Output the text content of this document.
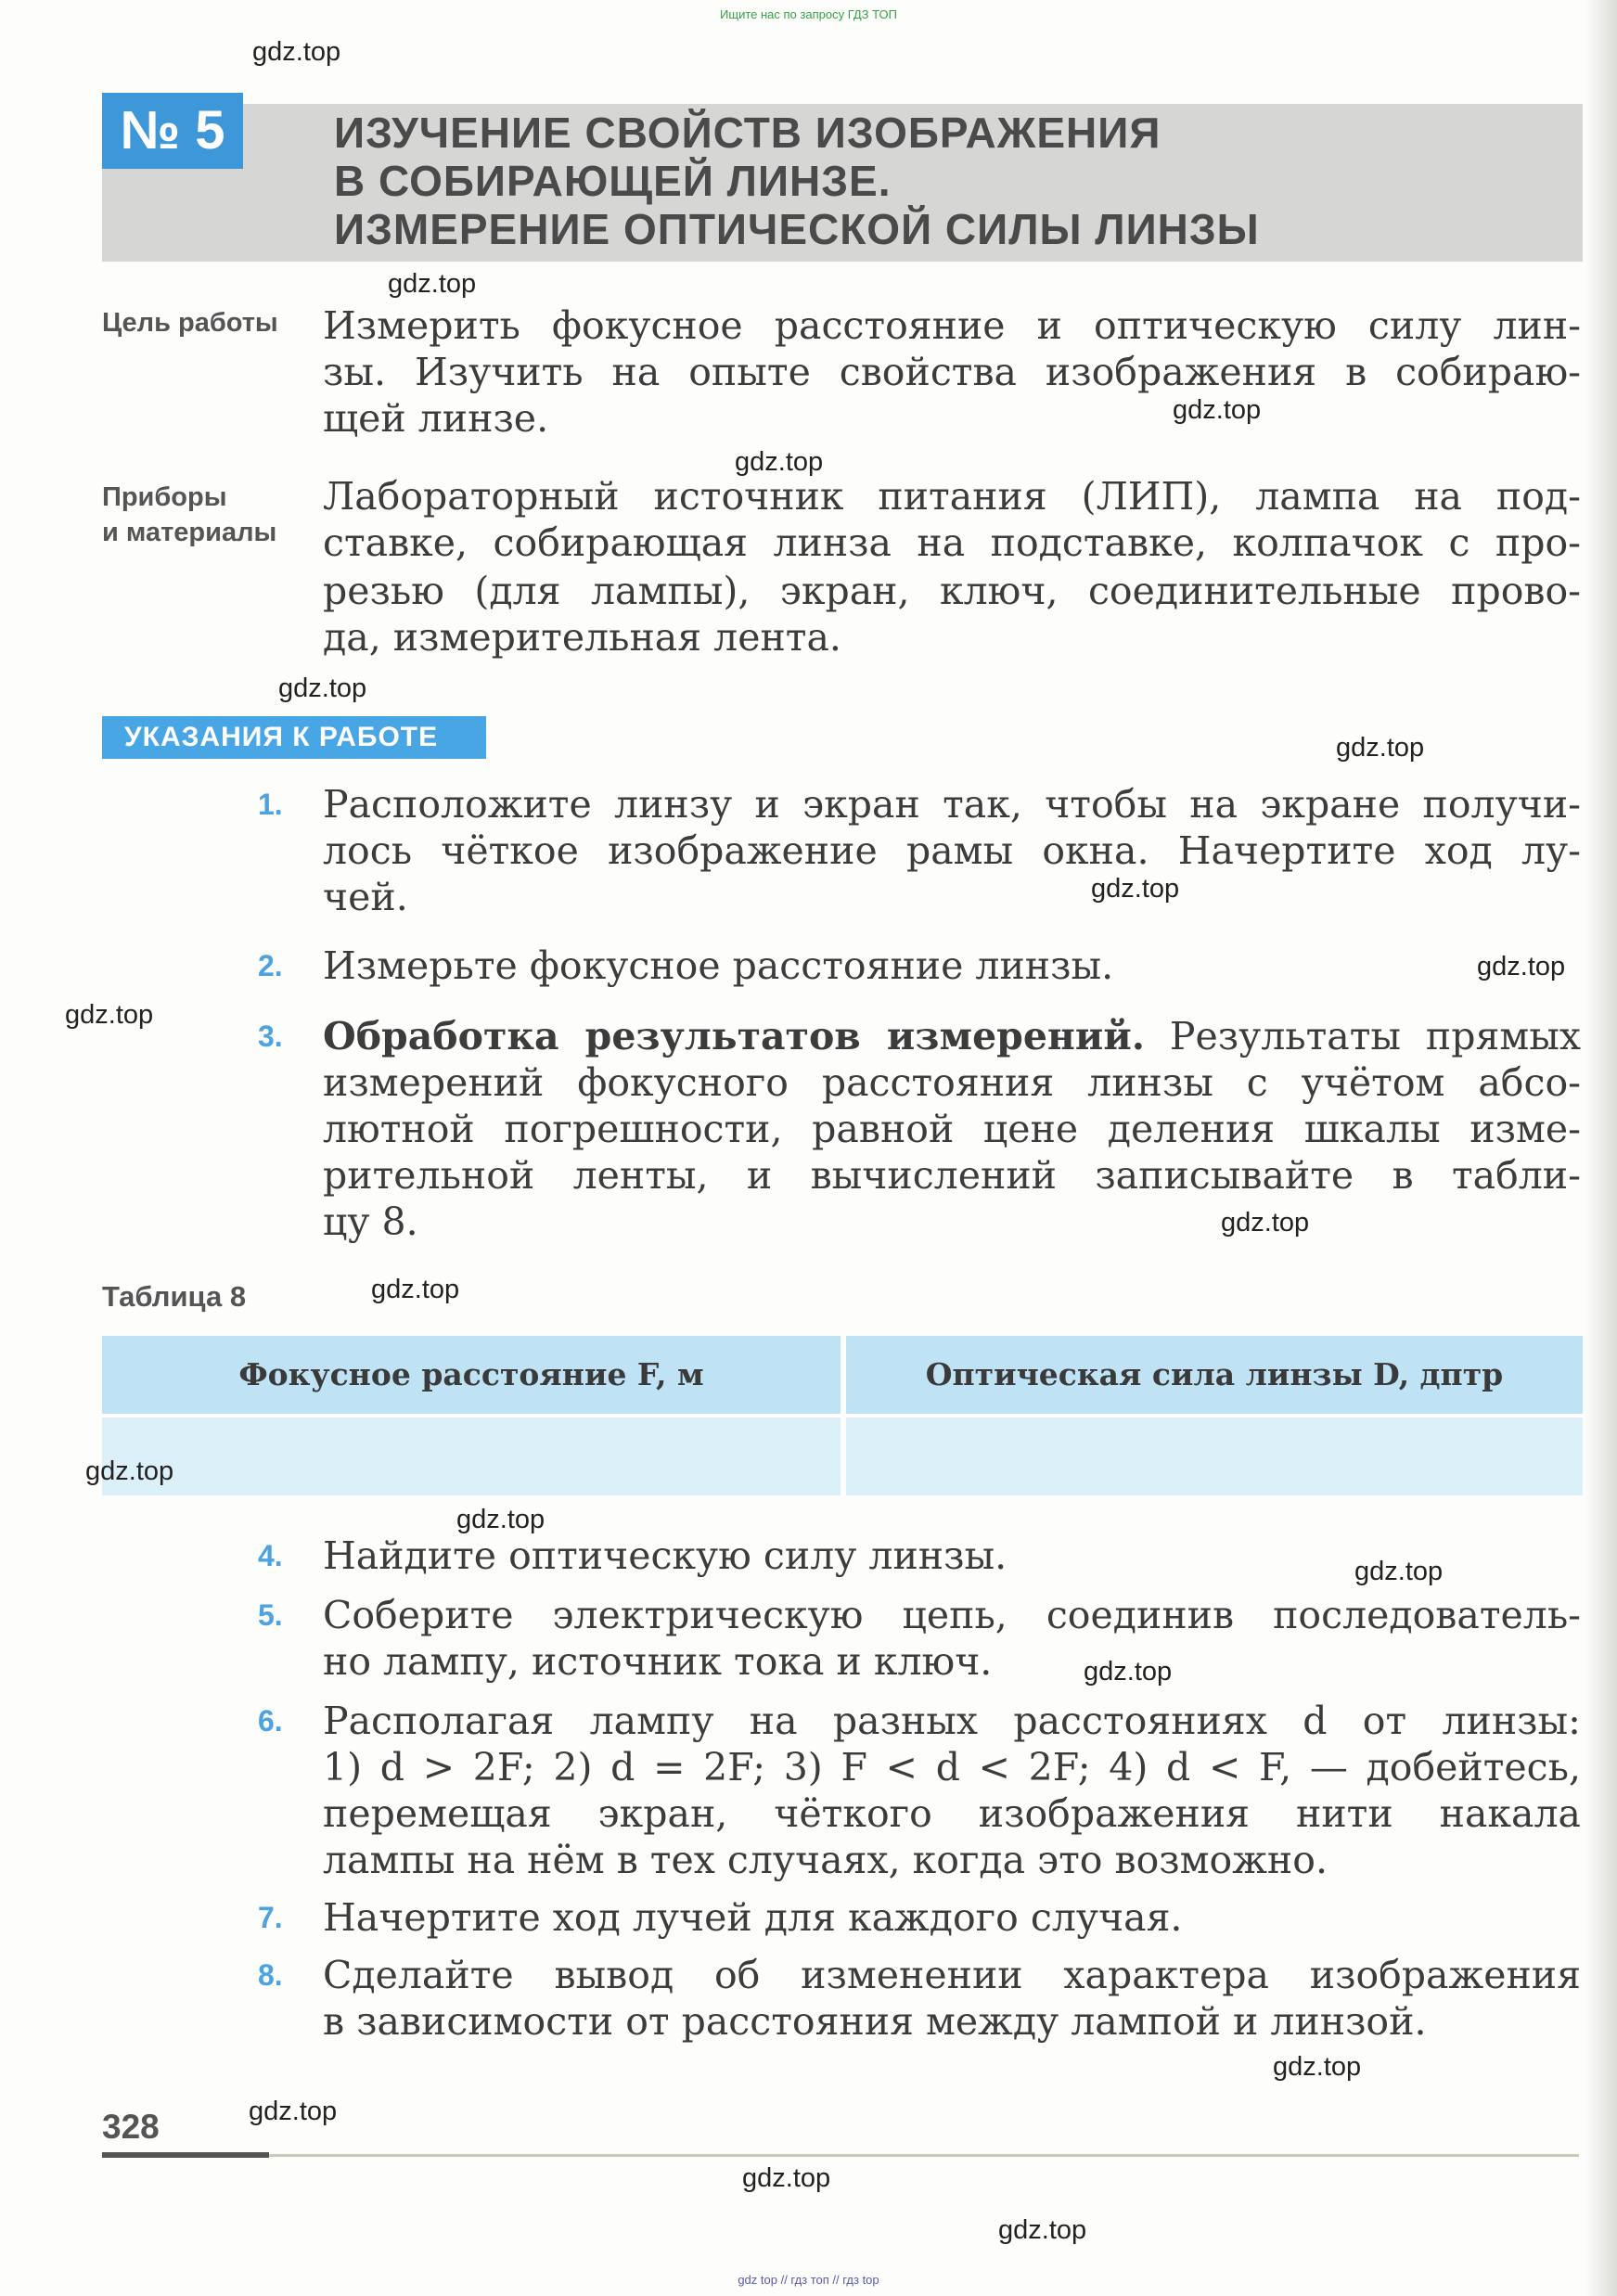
Ищите нас по запросу ГДЗ ТОП
№ 5	ИЗУЧЕНИЕ СВОЙСТВ ИЗОБРАЖЕНИЯ
В СОБИРАЮЩЕЙ ЛИНЗЕ.
ИЗМЕРЕНИЕ ОПТИЧЕСКОЙ СИЛЫ ЛИНЗЫ
Цель работы Измерить фокусное расстояние и оптическую силу лин-
зы. Изучить на опыте свойства изображения в собираю-
щей линзе.
Приборы
и материалы
Лабораторный источник питания (ЛИП), лампа на под-
ставке, собирающая линза на подставке, колпачок с про-
резью (для лампы), экран, ключ, соединительные прово-
да, измерительная лента.
УКАЗАНИЯ К РАБОТЕ
1. Расположите линзу и экран так, чтобы на экране получи-
лось чёткое изображение рамы окна. Начертите ход лу-
чей.
2. Измерьте фокусное расстояние линзы.
3. Обработка результатов измерений. Результаты прямых
измерений фокусного расстояния линзы с учётом абсо-
лютной погрешности, равной цене деления шкалы изме-
рительной ленты, и вычислений записывайте в табли-
цу 8.
Таблица 8
Фокусное расстояние F, м	Оптическая сила линзы D, дптр
4. Найдите оптическую силу линзы.
5. Соберите электрическую цепь, соединив последователь-
но лампу, источник тока и ключ.
6. Располагая лампу на разных расстояниях d от линзы:
1) d > 2F; 2) d = 2F; 3) F < d < 2F; 4) d < F, — добейтесь,
перемещая экран, чёткого изображения нити накала
лампы на нём в тех случаях, когда это возможно.
7. Начертите ход лучей для каждого случая.
8. Сделайте вывод об изменении характера изображения
в зависимости от расстояния между лампой и линзой.
328
gdz top // гдз топ // гдз top
gdz.top
gdz.top
gdz.top
gdz.top
gdz.top
gdz.top
gdz.top
gdz.top
gdz.top
gdz.top
gdz.top
gdz.top
gdz.top
gdz.top
gdz.top
gdz.top
gdz.top
gdz.top
gdz.top
